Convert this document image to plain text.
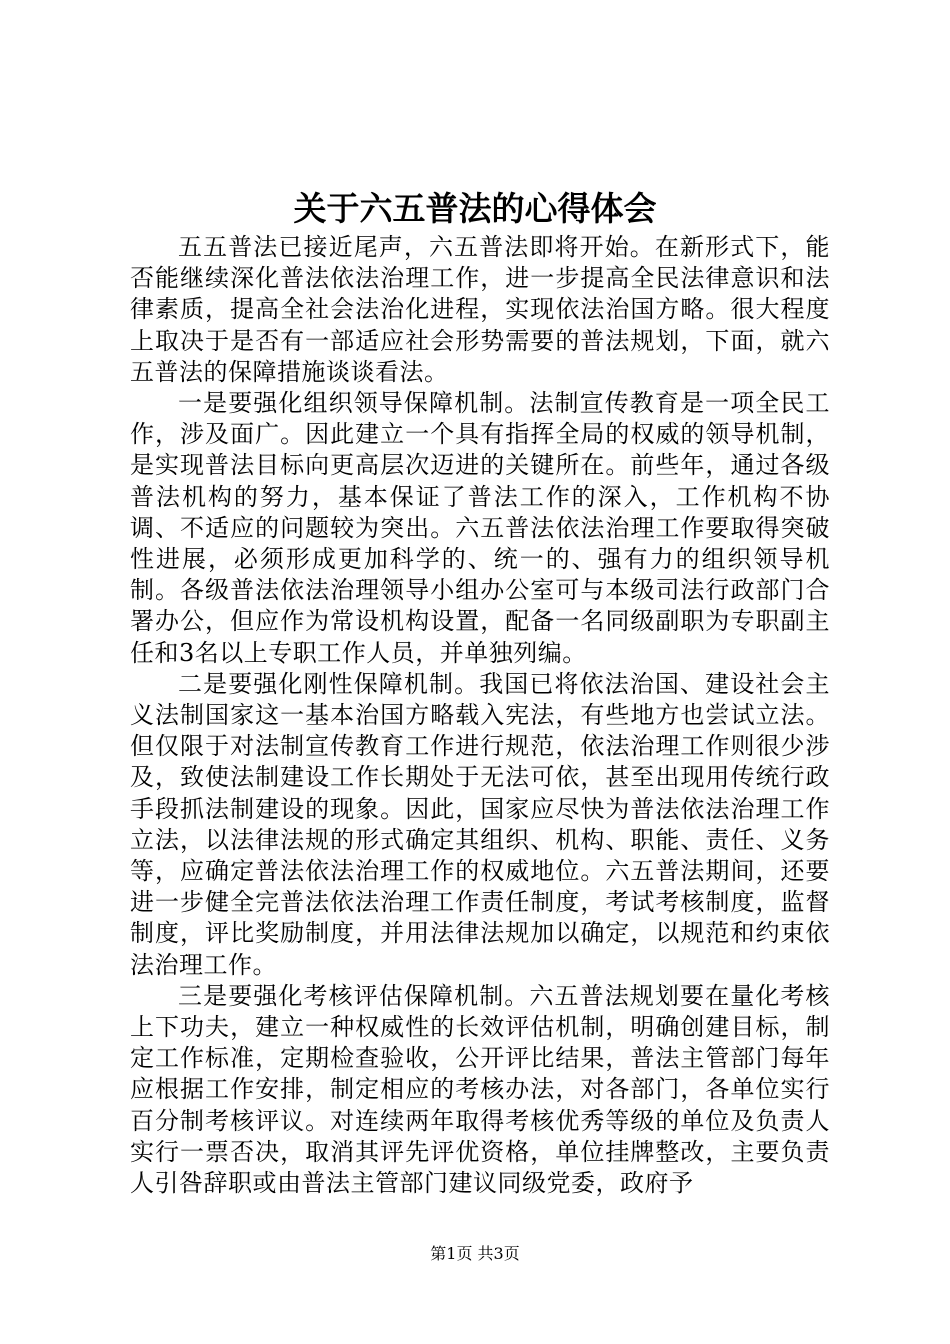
关于六五普法的心得体会

五五普法已接近尾声，六五普法即将开始。在新形式下，能否能继续深化普法依法治理工作，进一步提高全民法律意识和法律素质，提高全社会法治化进程，实现依法治国方略。很大程度上取决于是否有一部适应社会形势需要的普法规划，下面，就六五普法的保障措施谈谈看法。

一是要强化组织领导保障机制。法制宣传教育是一项全民工作，涉及面广。因此建立一个具有指挥全局的权威的领导机制，是实现普法目标向更高层次迈进的关键所在。前些年，通过各级普法机构的努力，基本保证了普法工作的深入，工作机构不协调、不适应的问题较为突出。六五普法依法治理工作要取得突破性进展，必须形成更加科学的、统一的、强有力的组织领导机制。各级普法依法治理领导小组办公室可与本级司法行政部门合署办公，但应作为常设机构设置，配备一名同级副职为专职副主任和3名以上专职工作人员，并单独列编。

二是要强化刚性保障机制。我国已将依法治国、建设社会主义法制国家这一基本治国方略载入宪法，有些地方也尝试立法。但仅限于对法制宣传教育工作进行规范，依法治理工作则很少涉及，致使法制建设工作长期处于无法可依，甚至出现用传统行政手段抓法制建设的现象。因此，国家应尽快为普法依法治理工作立法，以法律法规的形式确定其组织、机构、职能、责任、义务等，应确定普法依法治理工作的权威地位。六五普法期间，还要进一步健全完普法依法治理工作责任制度，考试考核制度，监督制度，评比奖励制度，并用法律法规加以确定，以规范和约束依法治理工作。

三是要强化考核评估保障机制。六五普法规划要在量化考核上下功夫，建立一种权威性的长效评估机制，明确创建目标，制定工作标准，定期检查验收，公开评比结果，普法主管部门每年应根据工作安排，制定相应的考核办法，对各部门，各单位实行百分制考核评议。对连续两年取得考核优秀等级的单位及负责人实行一票否决，取消其评先评优资格，单位挂牌整改，主要负责人引咎辞职或由普法主管部门建议同级党委，政府予

第1页 共3页
